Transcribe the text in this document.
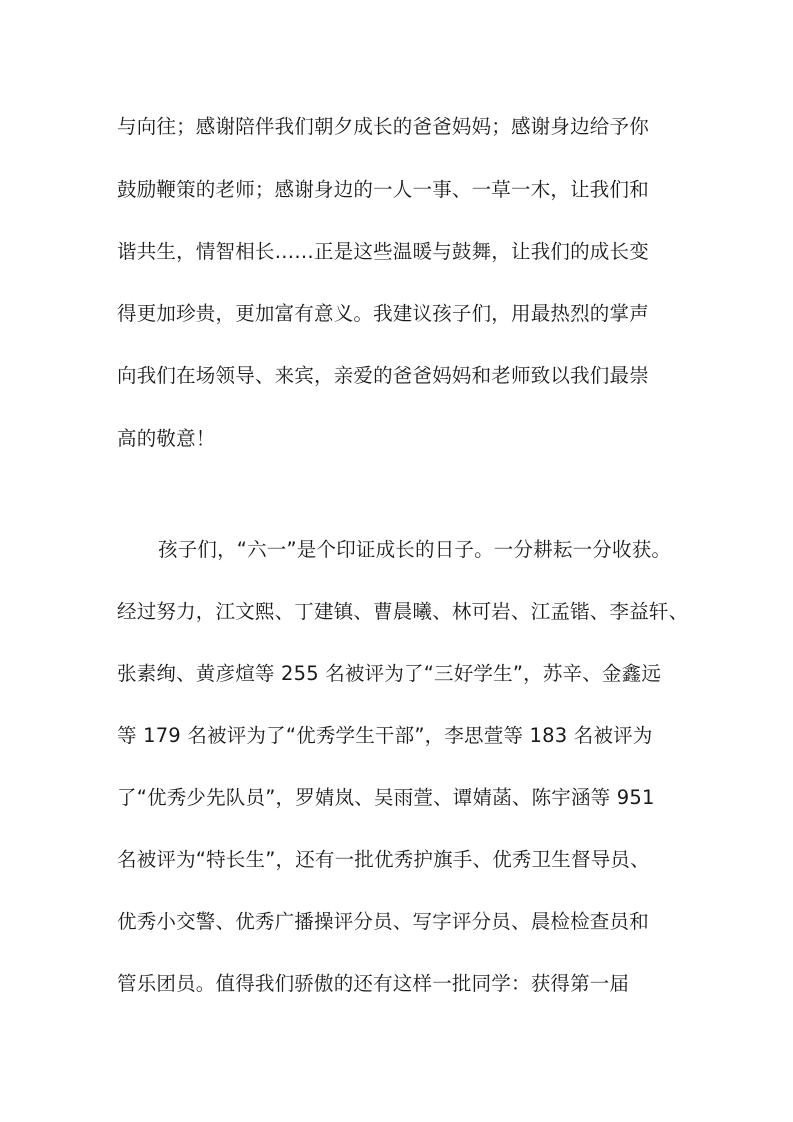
与向往；感谢陪伴我们朝夕成长的爸爸妈妈；感谢身边给予你
鼓励鞭策的老师；感谢身边的一人一事、一草一木，让我们和
谐共生，情智相长……正是这些温暖与鼓舞，让我们的成长变
得更加珍贵，更加富有意义。我建议孩子们，用最热烈的掌声
向我们在场领导、来宾，亲爱的爸爸妈妈和老师致以我们最崇
高的敬意！
孩子们，“六一”是个印证成长的日子。一分耕耘一分收获。
经过努力，江文熙、丁建镇、曹晨曦、林可岩、江孟锴、李益轩、
张素绚、黄彦煊等 255 名被评为了“三好学生”，苏辛、金鑫远
等 179 名被评为了“优秀学生干部”，李思萱等 183 名被评为
了“优秀少先队员”，罗婧岚、吴雨萱、谭婧菡、陈宇涵等 951
名被评为“特长生”，还有一批优秀护旗手、优秀卫生督导员、
优秀小交警、优秀广播操评分员、写字评分员、晨检检查员和
管乐团员。值得我们骄傲的还有这样一批同学：获得第一届
